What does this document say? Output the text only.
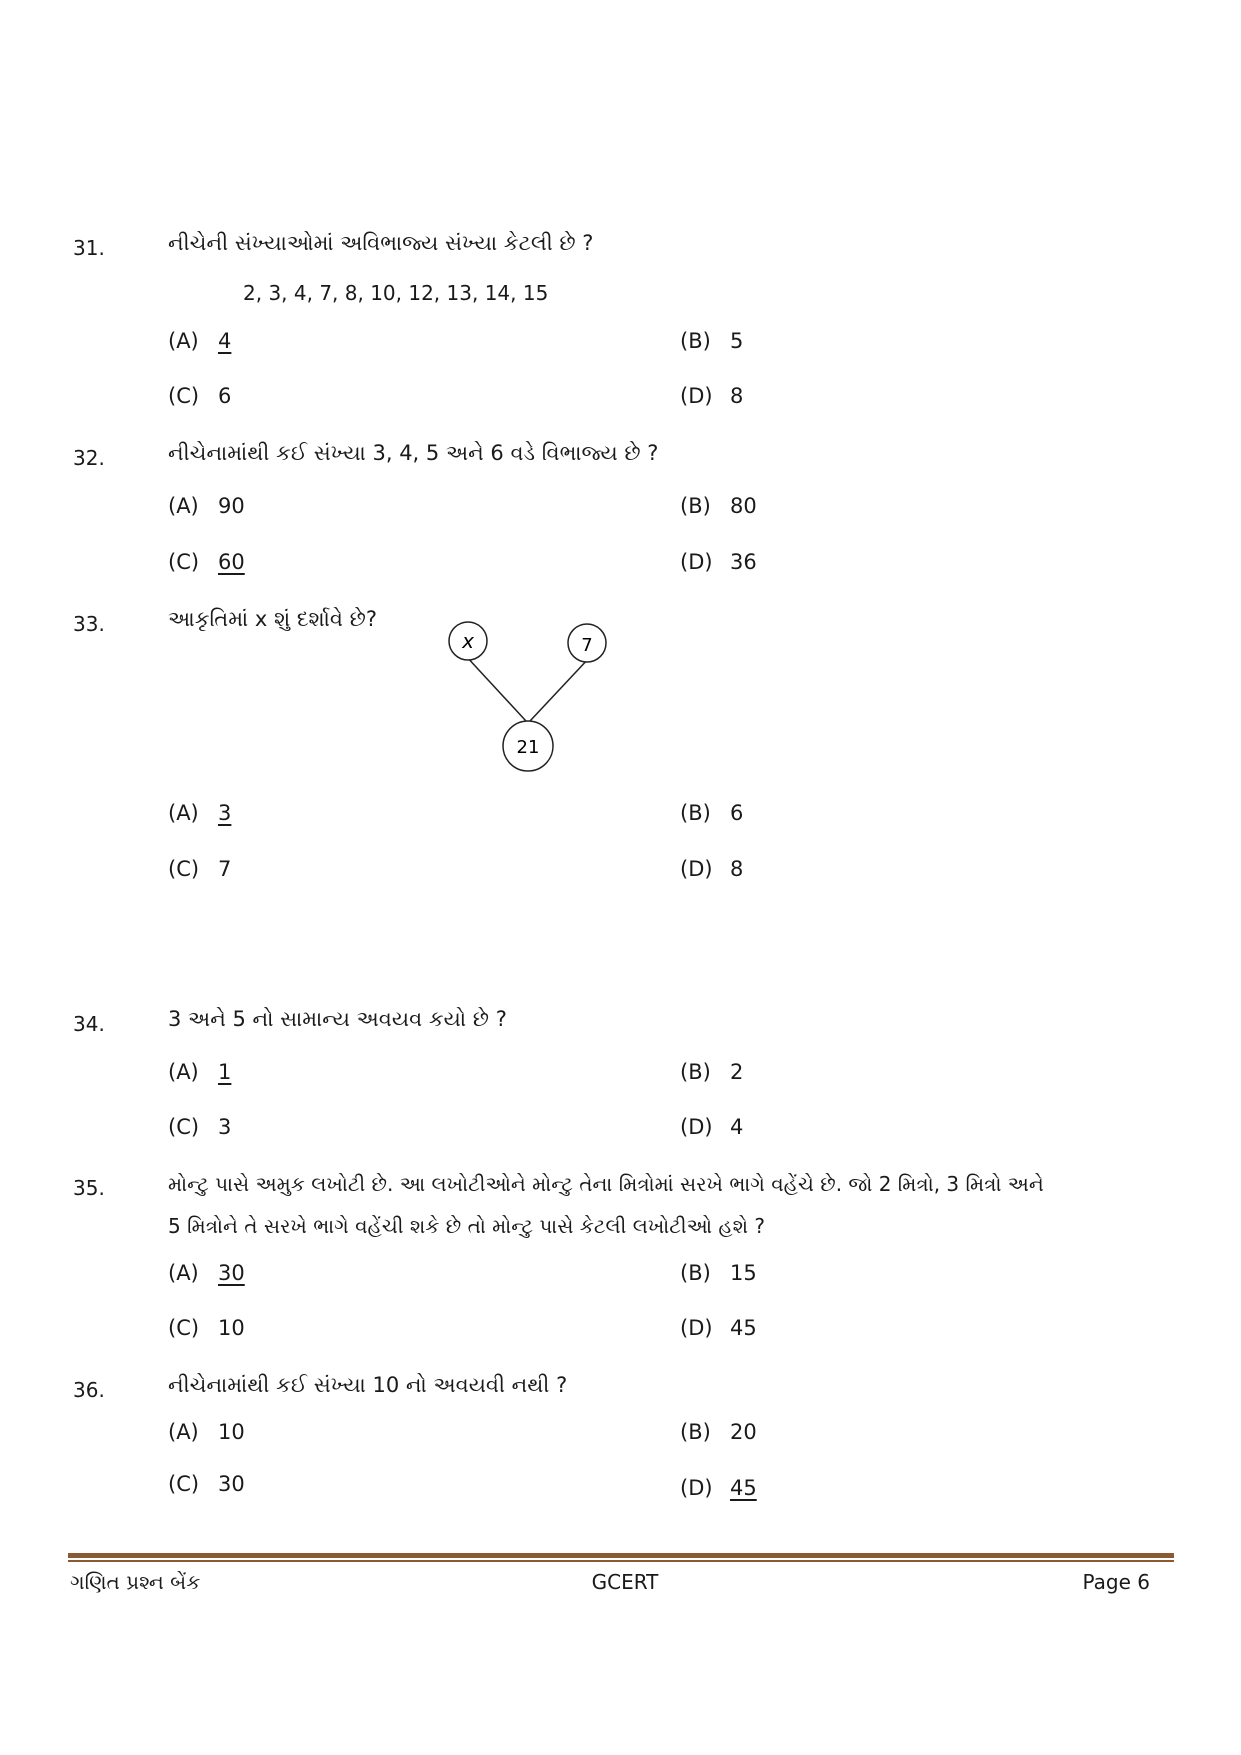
31.	નીચેની સંખ્યાઓમાં અવિભાજ્ય સંખ્યા કેટલી છે ?
2, 3, 4, 7, 8, 10, 12, 13, 14, 15
(A) 4	(B) 5
(C) 6	(D) 8
32.	નીચેનામાંથી કઈ સંખ્યા 3, 4, 5 અને 6 વડે વિભાજ્ય છે ?
(A) 90	(B) 80
(C) 60	(D) 36
33.	આકૃતિમાં x શું દર્શાવે છે?
x	7
21
(A) 3	(B) 6
(C) 7	(D) 8
34.	3 અને 5 નો સામાન્ય અવયવ કયો છે ?
(A) 1	(B) 2
(C) 3	(D) 4
35.	મોન્ટુ પાસે અમુક લખોટી છે. આ લખોટીઓને મોન્ટુ તેના મિત્રોમાં સરખે ભાગે વહેંચે છે. જો 2 મિત્રો, 3 મિત્રો અને
5 મિત્રોને તે સરખે ભાગે વહેંચી શકે છે તો મોન્ટુ પાસે કેટલી લખોટીઓ હશે ?
(A) 30	(B) 15
(C) 10	(D) 45
36.	નીચેનામાંથી કઈ સંખ્યા 10 નો અવયવી નથી ?
(A) 10	(B) 20
(C) 30	(D) 45
ગણિત પ્રશ્ન બેંક	GCERT	Page 6
